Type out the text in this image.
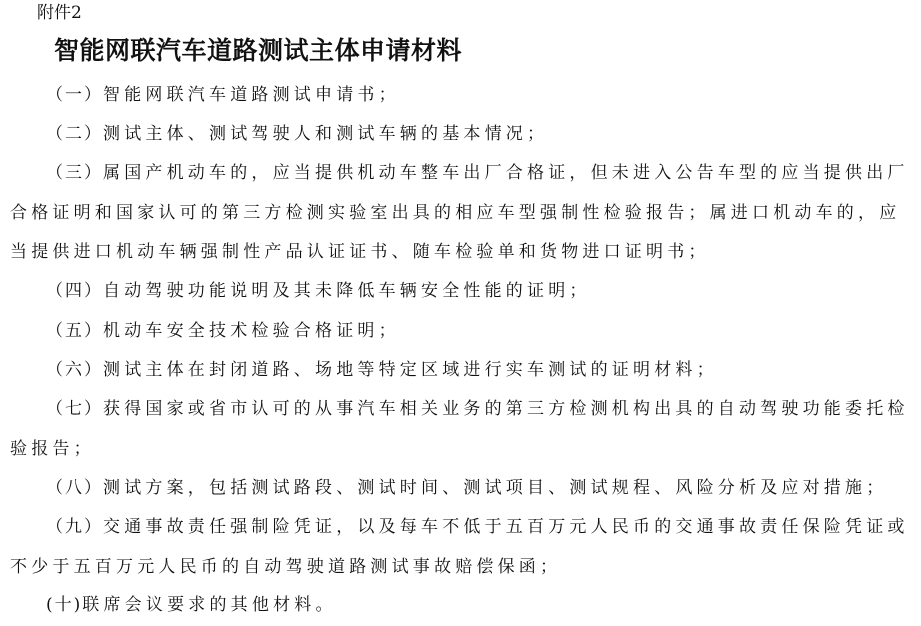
附件2
智能网联汽车道路测试主体申请材料
（一）智能网联汽车道路测试申请书；
（二）测试主体、测试驾驶人和测试车辆的基本情况；
（三）属国产机动车的，应当提供机动车整车出厂合格证，但未进入公告车型的应当提供出厂合格证明和国家认可的第三方检测实验室出具的相应车型强制性检验报告；属进口机动车的，应当提供进口机动车辆强制性产品认证证书、随车检验单和货物进口证明书；
（四）自动驾驶功能说明及其未降低车辆安全性能的证明；
（五）机动车安全技术检验合格证明；
（六）测试主体在封闭道路、场地等特定区域进行实车测试的证明材料；
（七）获得国家或省市认可的从事汽车相关业务的第三方检测机构出具的自动驾驶功能委托检验报告；
（八）测试方案，包括测试路段、测试时间、测试项目、测试规程、风险分析及应对措施；
（九）交通事故责任强制险凭证，以及每车不低于五百万元人民币的交通事故责任保险凭证或不少于五百万元人民币的自动驾驶道路测试事故赔偿保函；
(十)联席会议要求的其他材料。
